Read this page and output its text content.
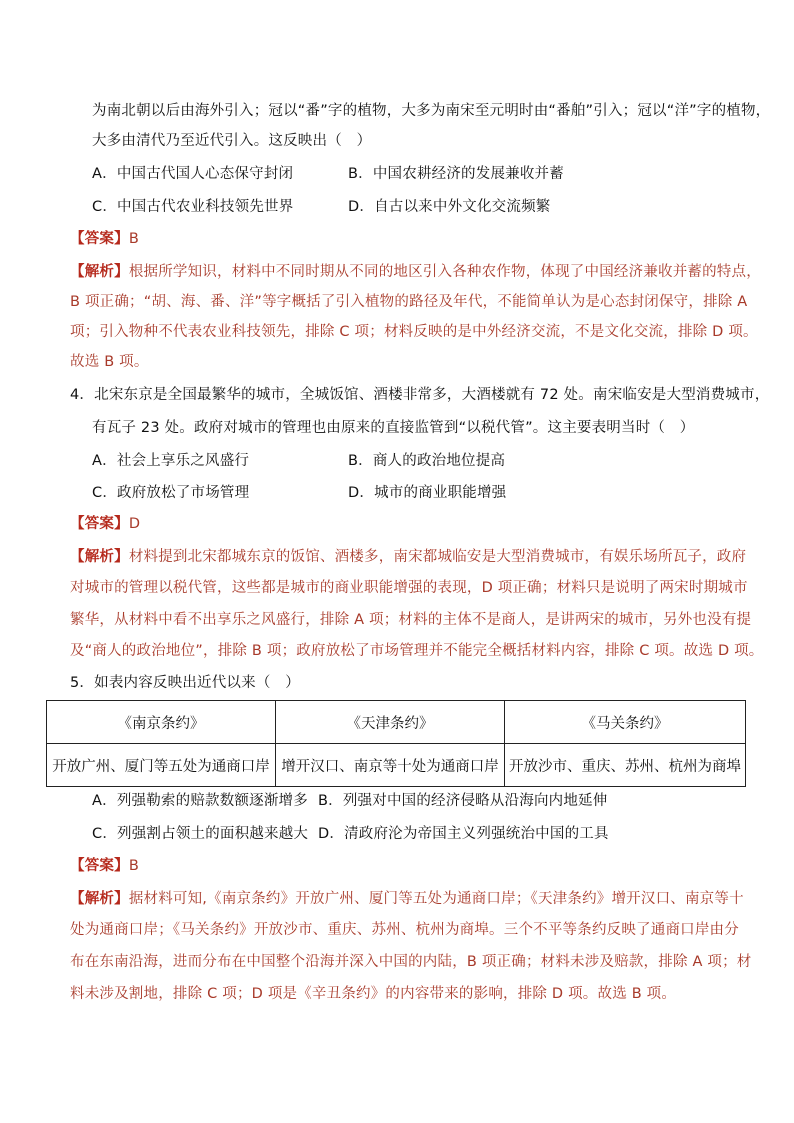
为南北朝以后由海外引入；冠以“番”字的植物，大多为南宋至元明时由“番舶”引入；冠以“洋”字的植物，
大多由清代乃至近代引入。这反映出（　）
A．中国古代国人心态保守封闭	B．中国农耕经济的发展兼收并蓄
C．中国古代农业科技领先世界	D．自古以来中外文化交流频繁
【答案】B
【解析】根据所学知识，材料中不同时期从不同的地区引入各种农作物，体现了中国经济兼收并蓄的特点，
B 项正确；“胡、海、番、洋”等字概括了引入植物的路径及年代，不能简单认为是心态封闭保守，排除 A
项；引入物种不代表农业科技领先，排除 C 项；材料反映的是中外经济交流，不是文化交流，排除 D 项。
故选 B 项。
4．北宋东京是全国最繁华的城市，全城饭馆、酒楼非常多，大酒楼就有 72 处。南宋临安是大型消费城市，
有瓦子 23 处。政府对城市的管理也由原来的直接监管到“以税代管”。这主要表明当时（　）
A．社会上享乐之风盛行	B．商人的政治地位提高
C．政府放松了市场管理	D．城市的商业职能增强
【答案】D
【解析】材料提到北宋都城东京的饭馆、酒楼多，南宋都城临安是大型消费城市，有娱乐场所瓦子，政府
对城市的管理以税代管，这些都是城市的商业职能增强的表现，D 项正确；材料只是说明了两宋时期城市
繁华，从材料中看不出享乐之风盛行，排除 A 项；材料的主体不是商人，是讲两宋的城市，另外也没有提
及“商人的政治地位”，排除 B 项；政府放松了市场管理并不能完全概括材料内容，排除 C 项。故选 D 项。
5．如表内容反映出近代以来（　）
《南京条约》	《天津条约》	《马关条约》
开放广州、厦门等五处为通商口岸	增开汉口、南京等十处为通商口岸	开放沙市、重庆、苏州、杭州为商埠
A．列强勒索的赔款数额逐渐增多 B．列强对中国的经济侵略从沿海向内地延伸
C．列强割占领土的面积越来越大 D．清政府沦为帝国主义列强统治中国的工具
【答案】B
【解析】据材料可知,《南京条约》开放广州、厦门等五处为通商口岸；《天津条约》增开汉口、南京等十
处为通商口岸；《马关条约》开放沙市、重庆、苏州、杭州为商埠。三个不平等条约反映了通商口岸由分
布在东南沿海，进而分布在中国整个沿海并深入中国的内陆，B 项正确；材料未涉及赔款，排除 A 项；材
料未涉及割地，排除 C 项；D 项是《辛丑条约》的内容带来的影响，排除 D 项。故选 B 项。
